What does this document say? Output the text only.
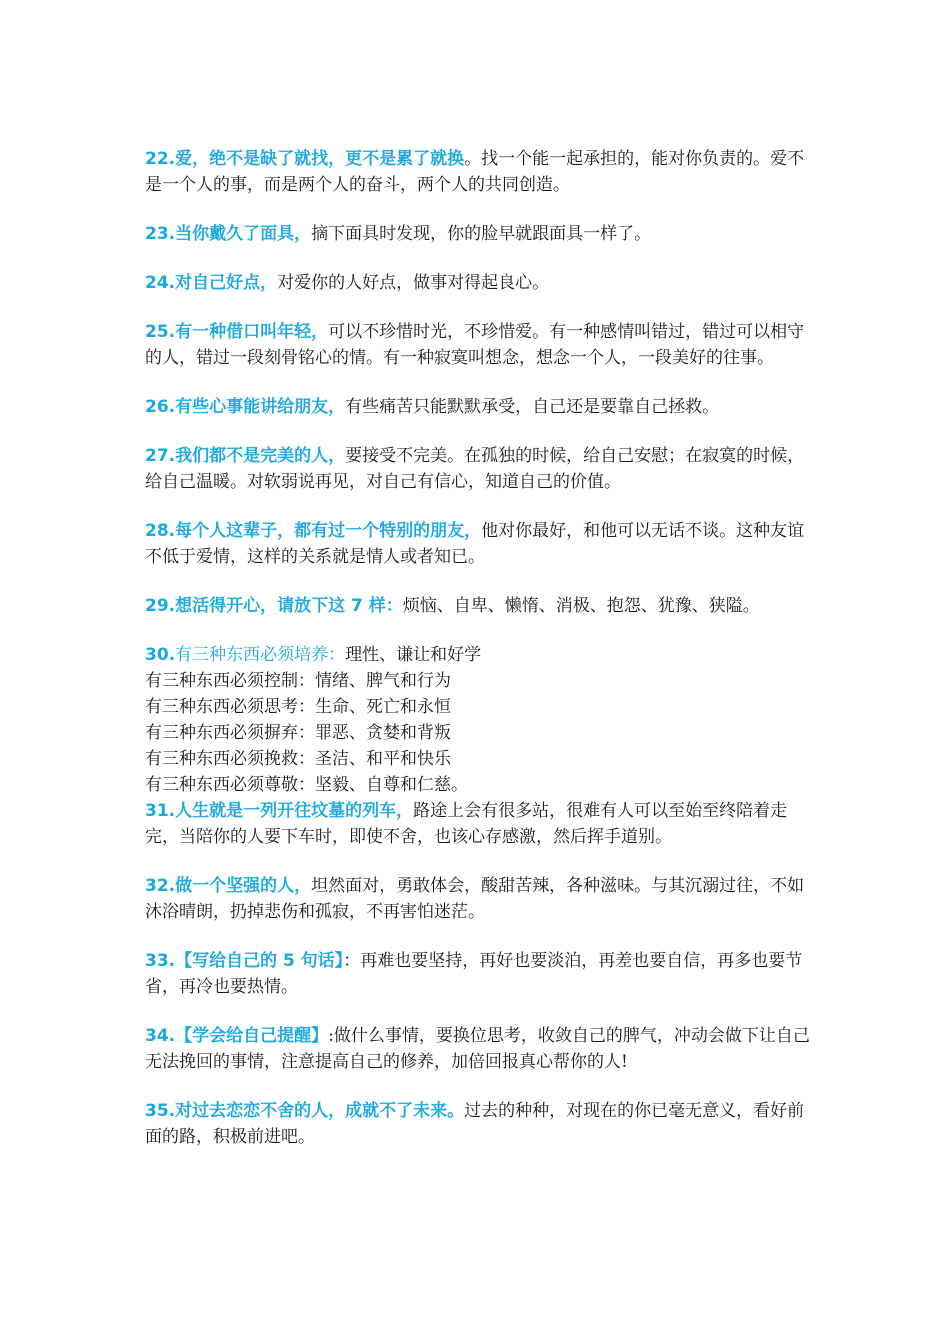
22.爱，绝不是缺了就找，更不是累了就换。找一个能一起承担的，能对你负责的。爱不是一个人的事，而是两个人的奋斗，两个人的共同创造。

23.当你戴久了面具，摘下面具时发现，你的脸早就跟面具一样了。

24.对自己好点，对爱你的人好点，做事对得起良心。

25.有一种借口叫年轻，可以不珍惜时光，不珍惜爱。有一种感情叫错过，错过可以相守的人，错过一段刻骨铭心的情。有一种寂寞叫想念，想念一个人，一段美好的往事。

26.有些心事能讲给朋友，有些痛苦只能默默承受，自己还是要靠自己拯救。

27.我们都不是完美的人，要接受不完美。在孤独的时候，给自己安慰；在寂寞的时候，给自己温暖。对软弱说再见，对自己有信心，知道自己的价值。

28.每个人这辈子，都有过一个特别的朋友，他对你最好，和他可以无话不谈。这种友谊不低于爱情，这样的关系就是情人或者知已。

29.想活得开心，请放下这 7 样：烦恼、自卑、懒惰、消极、抱怨、犹豫、狭隘。

30.有三种东西必须培养：理性、谦让和好学
有三种东西必须控制：情绪、脾气和行为
有三种东西必须思考：生命、死亡和永恒
有三种东西必须摒弃：罪恶、贪婪和背叛
有三种东西必须挽救：圣洁、和平和快乐
有三种东西必须尊敬：坚毅、自尊和仁慈。

31.人生就是一列开往坟墓的列车，路途上会有很多站，很难有人可以至始至终陪着走完，当陪你的人要下车时，即使不舍，也该心存感激，然后挥手道别。

32.做一个坚强的人，坦然面对，勇敢体会，酸甜苦辣，各种滋味。与其沉溺过往，不如沐浴晴朗，扔掉悲伤和孤寂，不再害怕迷茫。

33.【写给自己的 5 句话】：再难也要坚持，再好也要淡泊，再差也要自信，再多也要节省，再冷也要热情。

34.【学会给自己提醒】:做什么事情，要换位思考，收敛自己的脾气，冲动会做下让自己无法挽回的事情，注意提高自己的修养，加倍回报真心帮你的人!

35.对过去恋恋不舍的人，成就不了未来。过去的种种，对现在的你已毫无意义，看好前面的路，积极前进吧。
